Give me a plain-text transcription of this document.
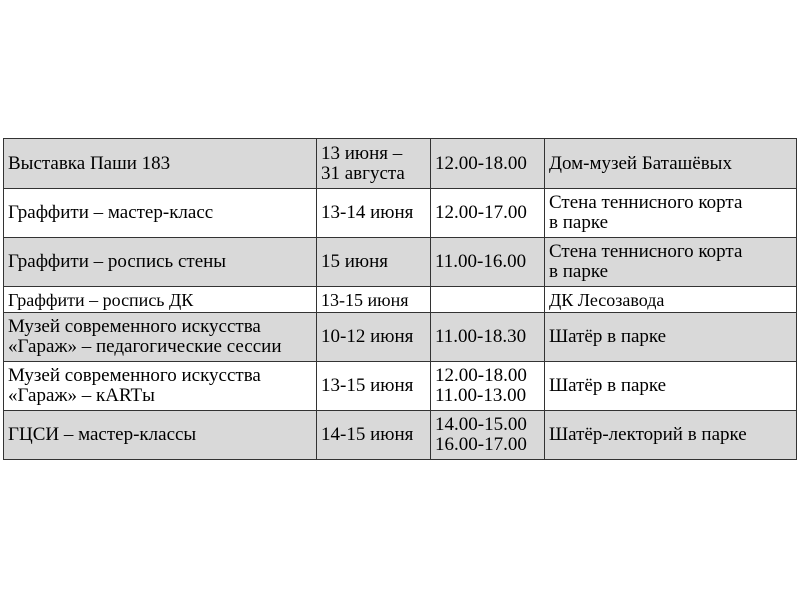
Выставка Паши 183	13 июня –
31 августа	12.00-18.00	Дом-музей Баташёвых

Граффити – мастер-класс	13-14 июня	12.00-17.00	Стена теннисного корта
в парке

Граффити – роспись стены	15 июня	11.00-16.00	Стена теннисного корта
в парке

Граффити – роспись ДК	13-15 июня		ДК Лесозавода

Музей современного искусства
«Гараж» – педагогические сессии	10-12 июня	11.00-18.30	Шатёр в парке

Музей современного искусства
«Гараж» – кARTы	13-15 июня	12.00-18.00
11.00-13.00	Шатёр в парке

ГЦСИ – мастер-классы	14-15 июня	14.00-15.00
16.00-17.00	Шатёр-лекторий в парке
